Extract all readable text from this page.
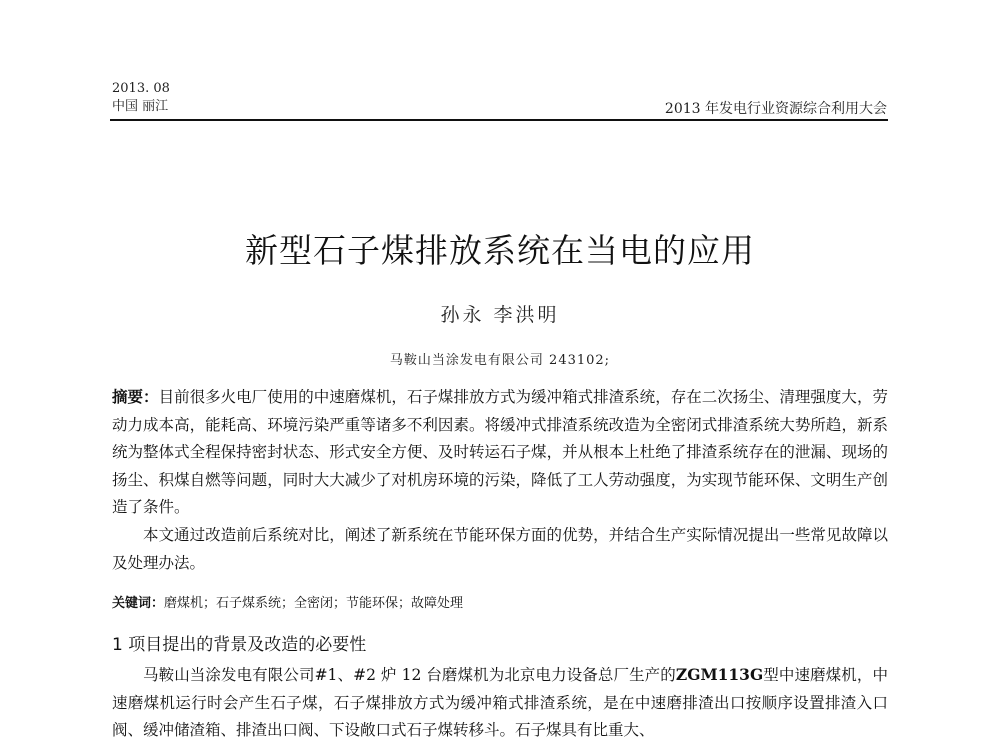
2013. 08
中国 丽江	2013 年发电行业资源综合利用大会
新型石子煤排放系统在当电的应用
孙永 李洪明
马鞍山当涂发电有限公司 243102;
摘要：目前很多火电厂使用的中速磨煤机，石子煤排放方式为缓冲箱式排渣系统，存在二次扬尘、清理强度大，劳动力成本高，能耗高、环境污染严重等诸多不利因素。将缓冲式排渣系统改造为全密闭式排渣系统大势所趋，新系统为整体式全程保持密封状态、形式安全方便、及时转运石子煤，并从根本上杜绝了排渣系统存在的泄漏、现场的扬尘、积煤自燃等问题，同时大大减少了对机房环境的污染，降低了工人劳动强度，为实现节能环保、文明生产创造了条件。
本文通过改造前后系统对比，阐述了新系统在节能环保方面的优势，并结合生产实际情况提出一些常见故障以及处理办法。
关键词：磨煤机；石子煤系统；全密闭；节能环保；故障处理
1 项目提出的背景及改造的必要性
马鞍山当涂发电有限公司#1、#2 炉 12 台磨煤机为北京电力设备总厂生产的ZGM113G型中速磨煤机，中速磨煤机运行时会产生石子煤，石子煤排放方式为缓冲箱式排渣系统，是在中速磨排渣出口按顺序设置排渣入口阀、缓冲储渣箱、排渣出口阀、下设敞口式石子煤转移斗。石子煤具有比重大、
